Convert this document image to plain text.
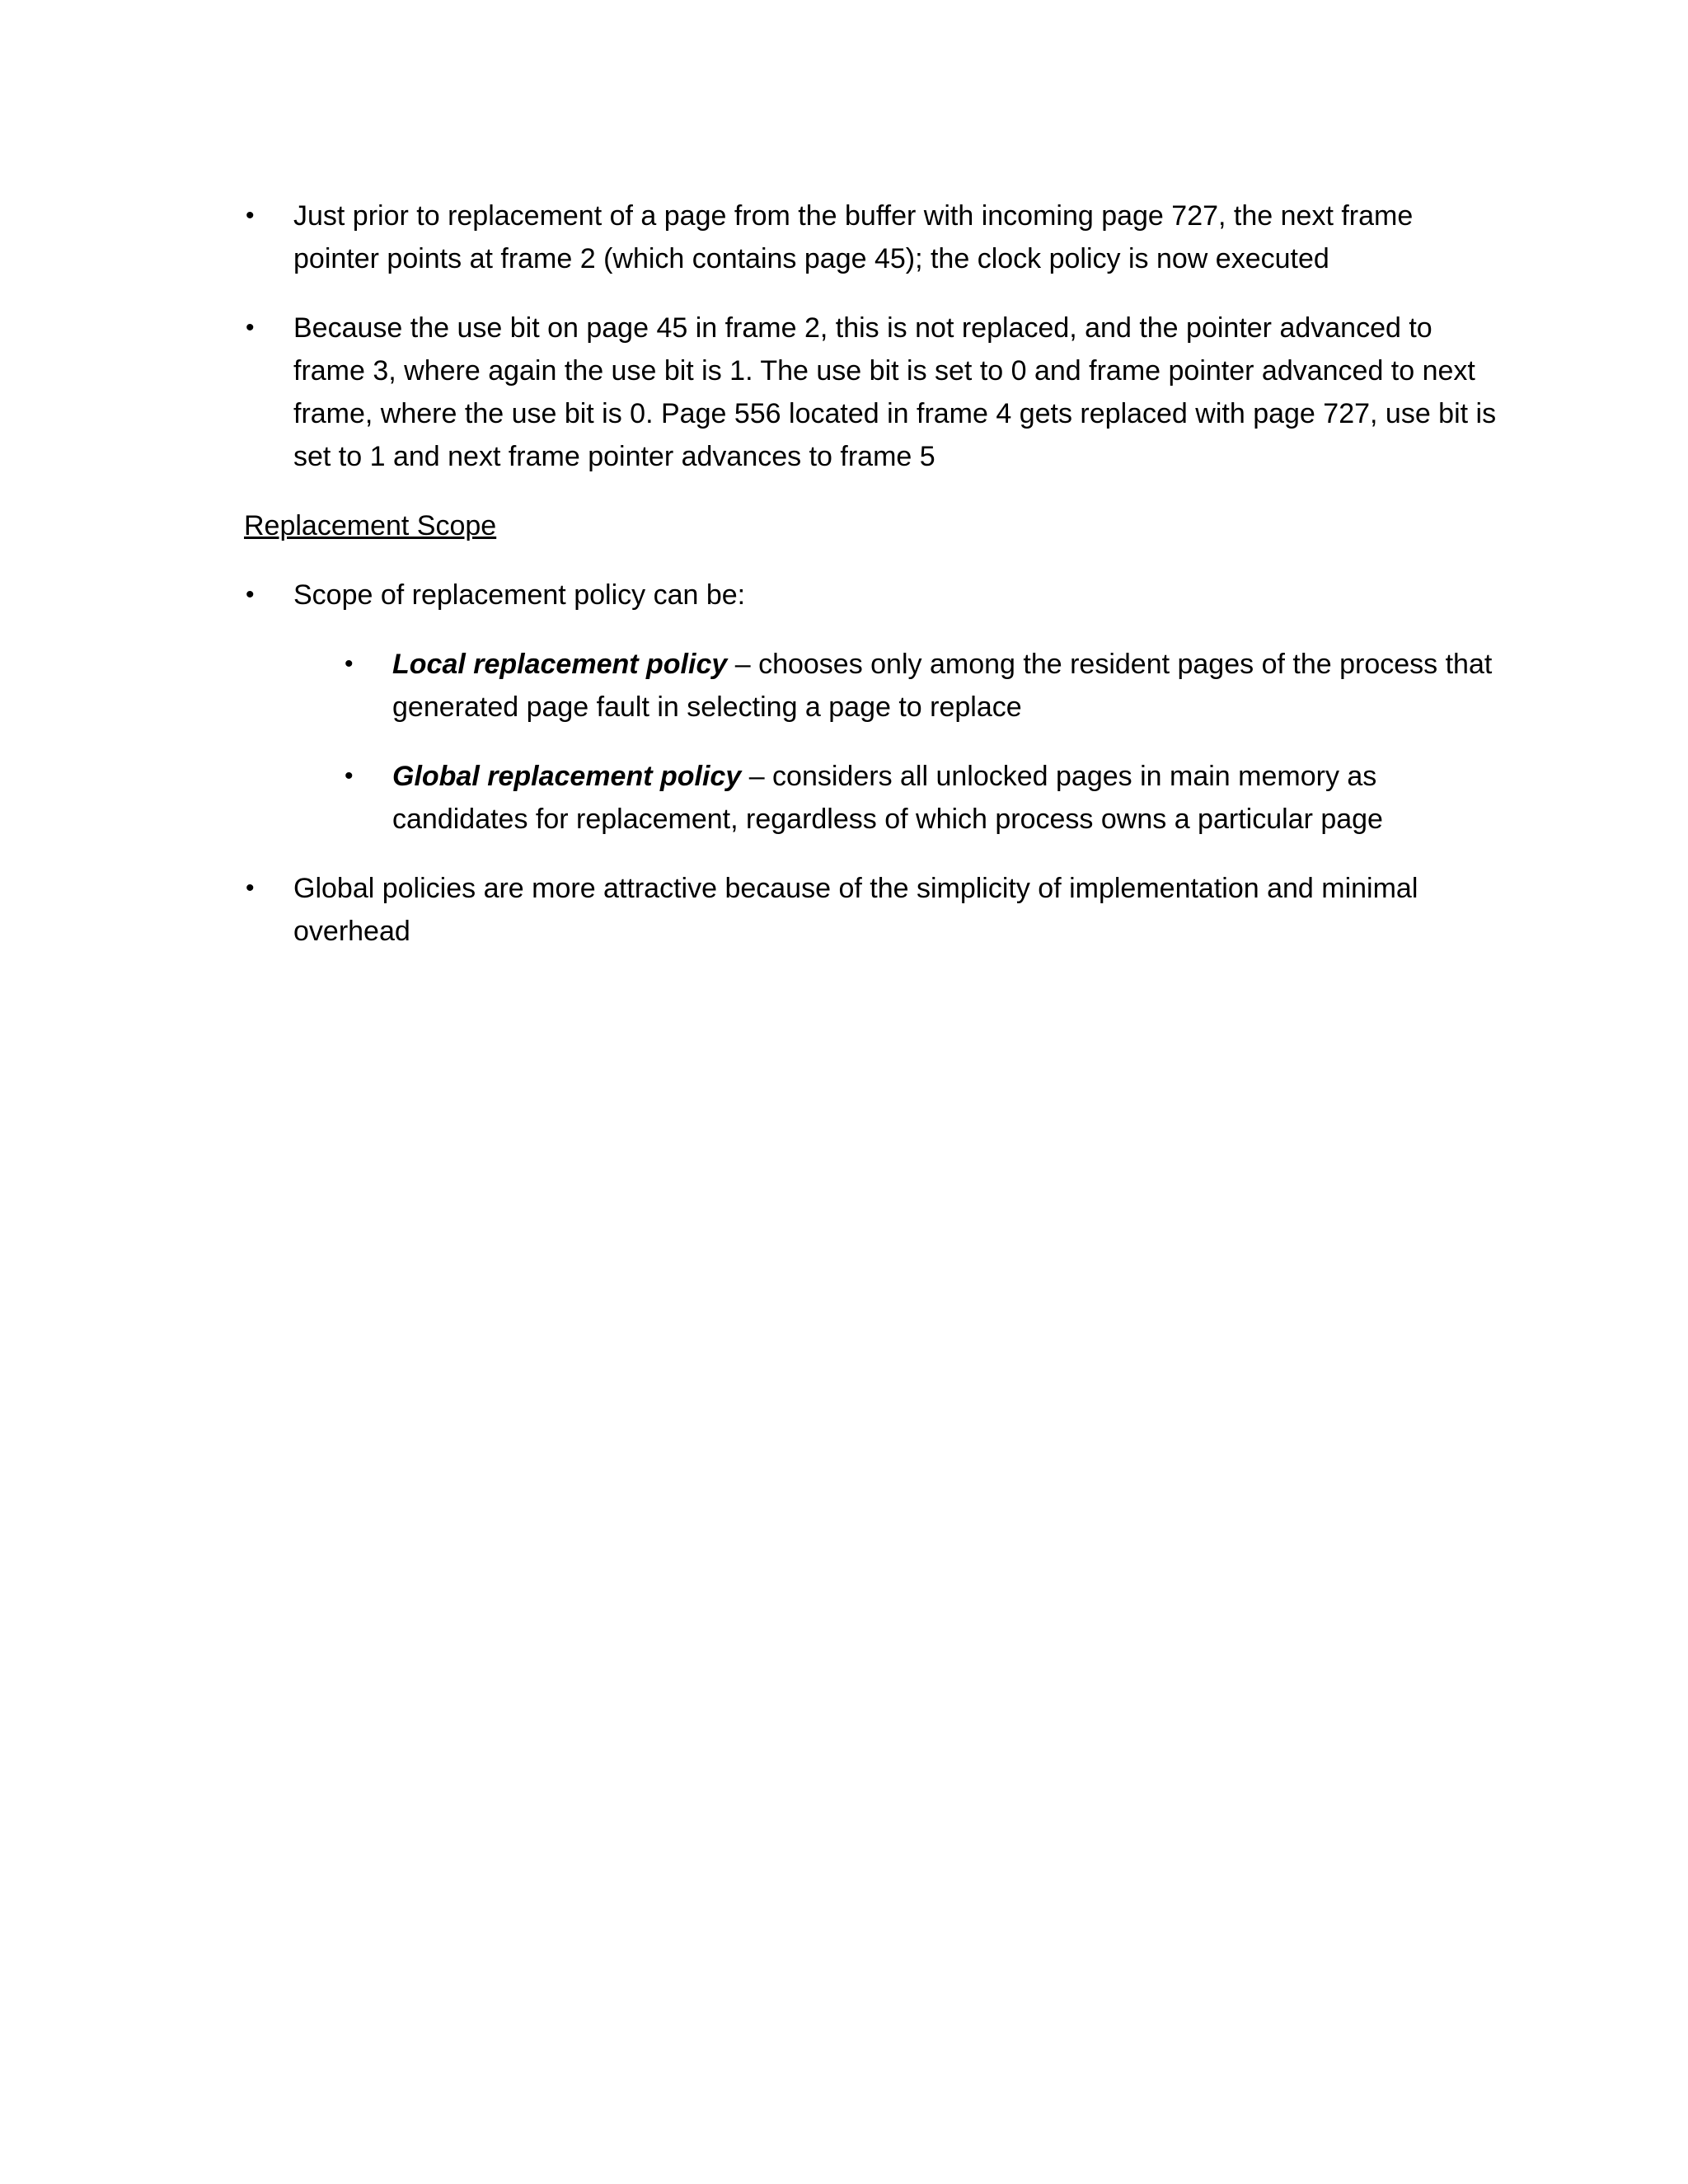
• Just prior to replacement of a page from the buffer with incoming page 727, the next frame pointer points at frame 2 (which contains page 45); the clock policy is now executed
• Because the use bit on page 45 in frame 2, this is not replaced, and the pointer advanced to frame 3, where again the use bit is 1. The use bit is set to 0 and frame pointer advanced to next frame, where the use bit is 0. Page 556 located in frame 4 gets replaced with page 727, use bit is set to 1 and next frame pointer advances to frame 5
Replacement Scope
• Scope of replacement policy can be:
• Local replacement policy – chooses only among the resident pages of the process that generated page fault in selecting a page to replace
• Global replacement policy – considers all unlocked pages in main memory as candidates for replacement, regardless of which process owns a particular page
• Global policies are more attractive because of the simplicity of implementation and minimal overhead
